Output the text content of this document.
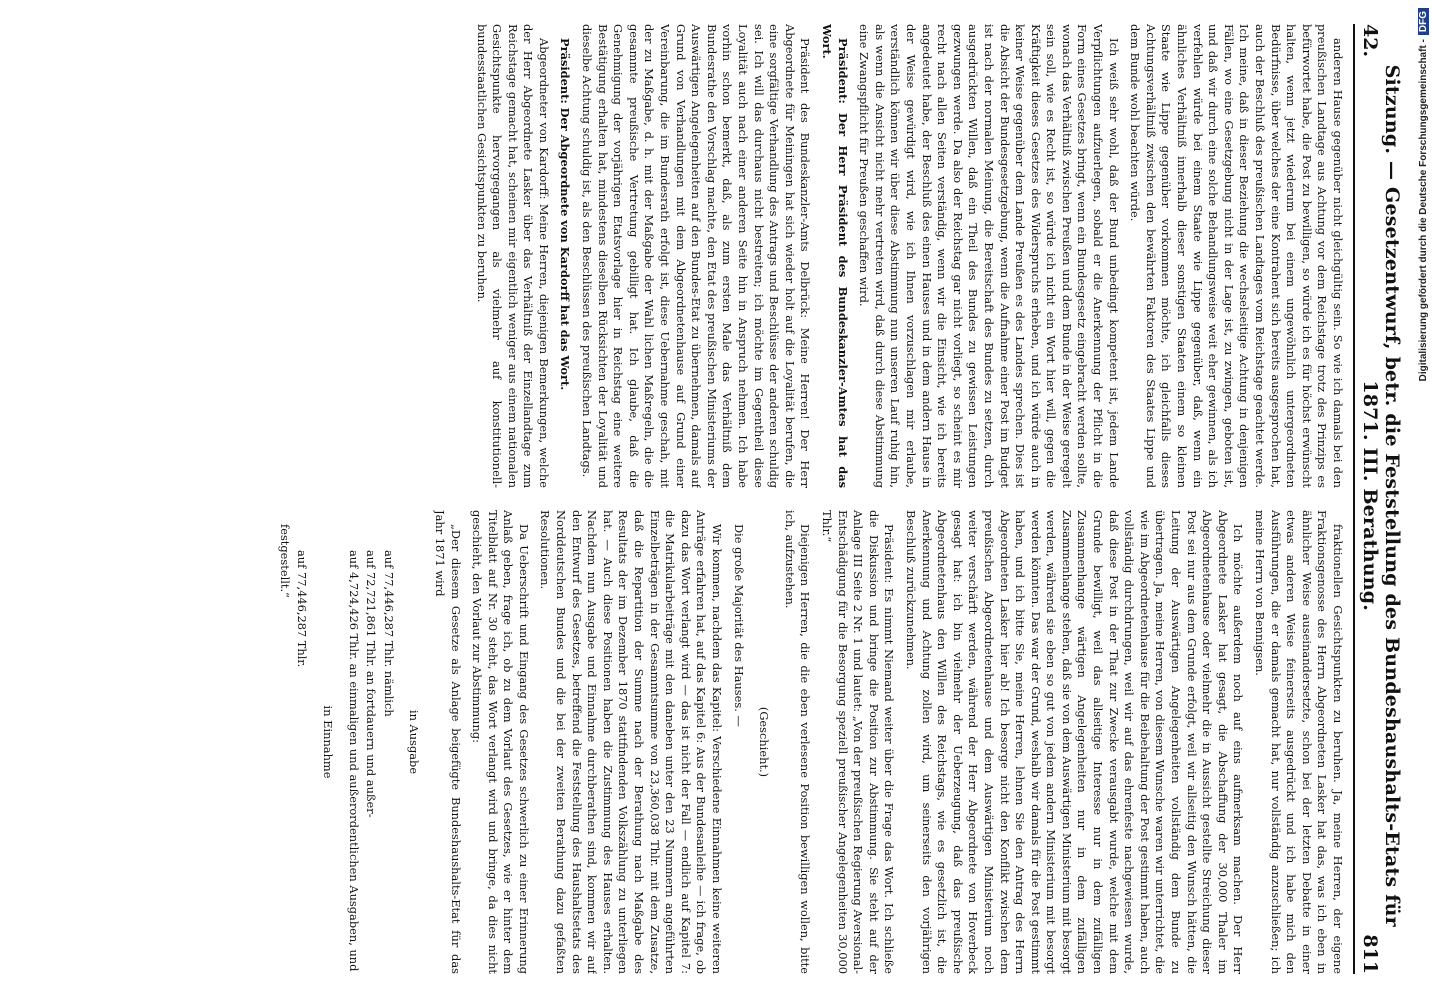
42.
Sitzung. — Gesetzentwurf, betr. die Feststellung des Bundeshaushalts-Etats für 1871. III. Berathung.
811

anderen Hause gegenüber nicht gleichgültig sein. So wie ich damals bei den preußischen Landtage aus Achtung vor dem Reichstage trotz des Prinzips es befürwortet habe, die Post zu bewilligen, so würde ich es für höchst erwünscht halten, wenn jetzt wiederum bei einem ungewöhnlich untergeordneten Bedürfnisse, über welches der eine Kontrahent sich bereits ausgesprochen hat, auch der Beschluß des preußischen Landtages vom Reichstage geachtet werde. Ich meine, daß in dieser Beziehung die wechselseitige Achtung in denjenigen Fällen, wo eine Gesetzgebung nicht in der Lage ist, zu zwingen, geboten ist, und daß wir durch eine solche Behandlungsweise weit eher gewinnen, als ich verfehlen würde bei einem Staate wie Lippe gegenüber, daß, wenn ein ähnliches Verhältniß innerhalb dieser sonstigen Staaten einem so kleinen Staate wie Lippe gegenüber vorkommen möchte, ich gleichfalls dieses Achtungsverhältniß zwischen den bewährten Faktoren des Staates Lippe und dem Bunde wohl beachten würde.

Ich weiß sehr wohl, daß der Bund unbedingt kompetent ist, jedem Lande Verpflichtungen aufzuerlegen, sobald er die Anerkennung der Pflicht in die Form eines Gesetzes bringt, wenn ein Bundesgesetz eingebracht werden sollte, wonach das Verhältniß zwischen Preußen und dem Bunde in der Weise geregelt sein soll, wie es Recht ist, so würde ich nicht ein Wort hier will, gegen die Kräftigkeit dieses Gesetzes des Widerspruchs erheben, und ich würde auch in keiner Weise gegenüber dem Lande Preußen es des Landes sprechen. Dies ist die Absicht der Bundesgesetzgebung, wenn die Aufnahme einer Post im Budget ist nach der normalen Meinung, die Bereitschaft des Bundes zu setzen, durch ausgedrückten Willen, daß ein Theil des Bundes zu gewissen Leistungen gezwungen werde. Da also der Reichstag gar nicht vorliegt, so scheint es mir recht nach allen Seiten verständig, wenn wir die Einsicht, wie ich bereits angedeutet habe, der Beschluß des einen Hauses und in dem andern Hause in der Weise gewürdigt wird, wie ich Ihnen vorzuschlagen mir erlaube, verständlich können wir über diese Abstimmung nun unseren Lauf ruhig hin, als wenn die Ansicht nicht mehr vertreten wird, daß durch diese Abstimmung eine Zwangspflicht für Preußen geschaffen wird.

Präsident: Der Herr Präsident des Bundeskanzler-Amtes hat das Wort.

Präsident des Bundeskanzler-Amts Delbrück: Meine Herren! Der Herr Abgeordnete für Meiningen hat sich wieder holt auf die Loyalität berufen, die eine sorgfältige Verhandlung des Antrags und Beschlüsse der anderen schuldig sei. Ich will das durchaus nicht bestreiten; ich möchte im Gegentheil diese Loyalität auch nach einer anderen Seite hin in Anspruch nehmen. Ich habe vorhin schon bemerkt, daß, als zum ersten Male das Verhältniß dem Bundesrathe den Vorschlag machte, den Etat des preußischen Ministeriums der Auswärtigen Angelegenheiten auf den Bundes-Etat zu übernehmen, damals auf Grund von Verhandlungen mit dem Abgeordnetenhause auf Grund einer Vereinbarung, die im Bundesrath erfolgt ist, diese Uebernahme geschah, mit der zu Maßgabe, d. h. mit der Maßgabe der Wahl lichen Maßregeln, die die gesammte preußische Vertretung gebilligt hat. Ich glaube, daß die Genehmigung der vorjährigen Etatsvorlage hier in Reichstag eine weitere Bestätigung erhalten hat, mindestens dieselben Rücksichten der Loyalität und dieselbe Achtung schuldig ist, als den Beschlüssen des preußischen Landtags.

Präsident: Der Abgeordnete von Kardorff hat das Wort.

Abgeordneter von Kardorff: Meine Herren, diejenigen Bemerkungen, welche der Herr Abgeordnete Lasker über das Verhältniß der Einzellandtage zum Reichstage gemacht hat, scheinen mir eigentlich weniger aus einem nationalen Gesichtspunkte hervorgegangen als vielmehr auf konstitutionell-bundesstaatlichen Gesichtspunkten zu beruhen.

fraktionellen Gesichtspunkten zu beruhen. Ja, meine Herren, der eigene Fraktionsgenosse des Herrn Abgeordneten Lasker hat das, was ich eben in ähnlicher Weise auseinandersetzte, schon bei der letzten Debatte in einer etwas anderen Weise feinerseits ausgedrückt und ich habe mich den Ausführungen, die er damals gemacht hat, nur vollständig anzuschließen; ich meine Herrn von Bennigsen.

Ich möchte außerdem noch auf eins aufmerksam machen. Der Herr Abgeordnete Lasker hat gesagt, die Abschaffung der 30,000 Thaler im Abgeordnetenhause oder vielmehr die in Aussicht gestellte Streichung dieser Post sei nur aus dem Grunde erfolgt, weil wir allseitig den Wunsch hätten, die Leitung der Auswärtigen Angelegenheiten vollständig dem Bunde zu übertragen. Ja, meine Herren, von diesem Wunsche waren wir unterrichtet, die wie im Abgeordnetenhause für die Beibehaltung der Post gestimmt haben, auch vollständig durchdrungen, weil wir auf das ehrenfeste nachgewiesen wurde, daß diese Post in der That zur Zwecke verausgabt wurde, welche mit dem Grunde bewilligt, weil das allseitige Interesse nur in dem zufälligen Zusammenhange wärtigen Angelegenheiten nur in dem zufälligen Zusammenhange stehen, daß sie von dem Auswärtigen Ministerium mit besorgt werden, während sie eben so gut von jedem andern Ministerium mit besorgt werden könnten. Das war der Grund, weshalb wir damals für die Post gestimmt haben, und ich bitte Sie, meine Herren, lehnen Sie den Antrag des Herrn Abgeordneten Lasker hier ab! Ich besorge nicht den Konflikt zwischen dem preußischen Abgeordnetenhause und dem Auswärtigen Ministerium noch weiter verschärft werden, während der Herr Abgeordnete von Hoverbeck gesagt hat: ich bin vielmehr der Ueberzeugung, daß das preußische Abgeordnetenhaus den Willen des Reichstags, wie es gesetzlich ist, die Anerkennung und Achtung zollen wird, um seinerseits den vorjährigen Beschluß zurückzunehmen.

Präsident: Es nimmt Niemand weiter über die Frage das Wort. Ich schließe die Diskussion und bringe die Position zur Abstimmung. Sie steht auf der Anlage III Seite 2 Nr. 1 und lautet: „Von der preußischen Regierung Aversional-Entschädigung für die Besorgung speziell preußischer Angelegenheiten 30,000 Thlr.“

Diejenigen Herren, die die eben verlesene Position bewilligen wollen, bitte ich, aufzustehen.

(Geschieht.)

Die große Majorität des Hauses. —

Wir kommen, nachdem das Kapitel: Verschiedene Einnahmen keine weiteren Anträge erfahren hat, auf das Kapitel 6: Aus der Bundesanleihe — ich frage, ob dazu das Wort verlangt wird — das ist nicht der Fall — endlich auf Kapitel 7: die Matrikularbeiträge mit den daneben unter den 23 Nummern angeführten Einzelbeträgen in der Gesammtsumme von 23,360,038 Thlr. mit dem Zusatze, daß die Repartition der Summe nach der Berathung nach Maßgabe des Resultats der im Dezember 1870 stattfindenden Volkszählung zu unterliegen hat. — Auch diese Positionen haben die Zustimmung des Hauses erhalten. Nachdem nun Ausgabe und Einnahme durchberathen sind, kommen wir auf den Entwurf des Gesetzes, betreffend die Feststellung des Haushaltsetats des Norddeutschen Bundes und die bei der zweiten Berathung dazu gefaßten Resolutionen.

Da Ueberschrift und Eingang des Gesetzes schwerlich zu einer Erinnerung Anlaß geben, frage ich, ob zu dem Vorlaut des Gesetzes, wie er hinter dem Titelblatt auf Nr. 30 steht, das Wort verlangt wird und bringe, da dies nicht geschieht, den Vorlaut zur Abstimmung:

„Der diesem Gesetze als Anlage beigefügte Bundeshaushalts-Etat für das Jahr 1871 wird

in Ausgabe

auf 77,446,287 Thlr. nämlich

auf 72,721,861 Thlr. an fortdauern und außer-

auf 4,724,426 Thlr. an einmaligen und außerordentlichen Ausgaben, und

in Einnahme

auf 77,446,287 Thlr.

festgestellt.“

Digitalisierung gefördert durch die Deutsche Forschungsgemeinschaft -DFG
